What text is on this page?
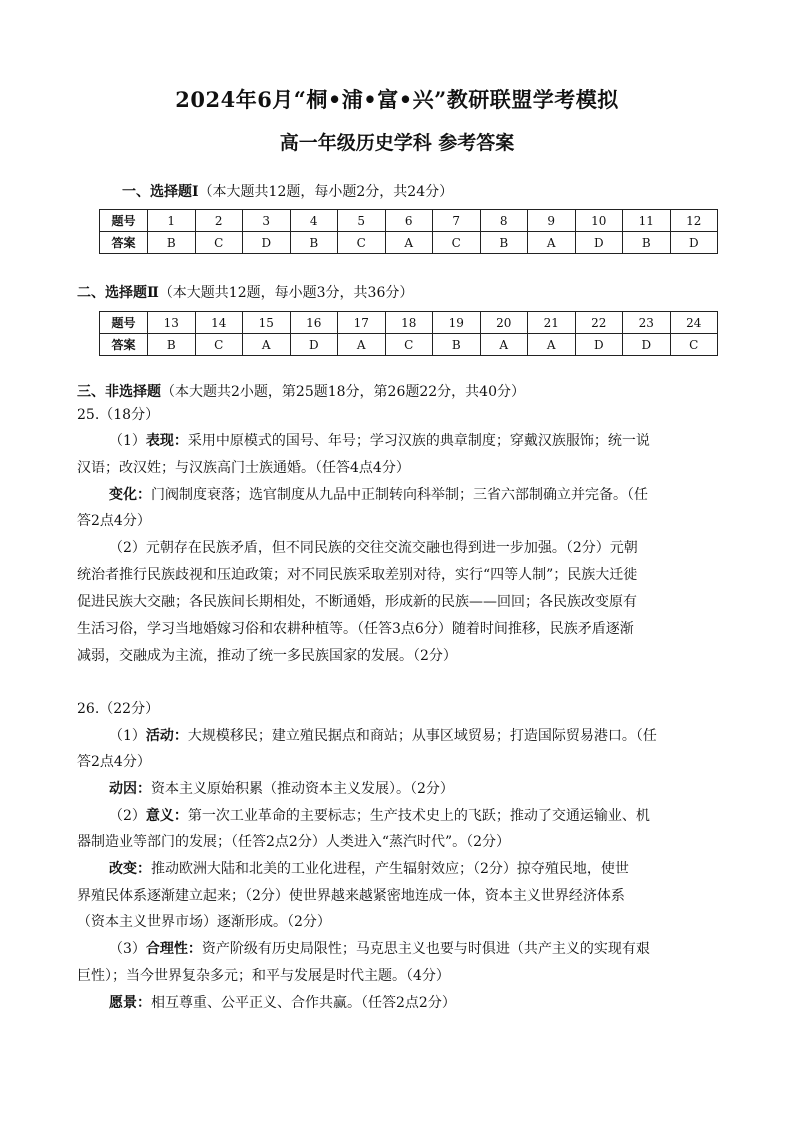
2024年6月“桐•浦•富•兴”教研联盟学考模拟
高一年级历史学科 参考答案
一、选择题Ⅰ（本大题共12题，每小题2分，共24分）
题号	1	2	3	4	5	6	7	8	9	10	11	12
答案	B	C	D	B	C	A	C	B	A	D	B	D
二、选择题Ⅱ（本大题共12题，每小题3分，共36分）
题号	13	14	15	16	17	18	19	20	21	22	23	24
答案	B	C	A	D	A	C	B	A	A	D	D	C
三、非选择题（本大题共2小题，第25题18分，第26题22分，共40分）
25.（18分）
（1）表现：采用中原模式的国号、年号；学习汉族的典章制度；穿戴汉族服饰；统一说
汉语；改汉姓；与汉族高门士族通婚。（任答4点4分）
变化：门阀制度衰落；选官制度从九品中正制转向科举制；三省六部制确立并完备。（任
答2点4分）
（2）元朝存在民族矛盾，但不同民族的交往交流交融也得到进一步加强。（2分）元朝
统治者推行民族歧视和压迫政策；对不同民族采取差别对待，实行“四等人制”；民族大迁徙
促进民族大交融；各民族间长期相处，不断通婚，形成新的民族——回回；各民族改变原有
生活习俗，学习当地婚嫁习俗和农耕种植等。（任答3点6分）随着时间推移，民族矛盾逐渐
减弱，交融成为主流，推动了统一多民族国家的发展。（2分）
26.（22分）
（1）活动：大规模移民；建立殖民据点和商站；从事区域贸易；打造国际贸易港口。（任
答2点4分）
动因：资本主义原始积累（推动资本主义发展）。（2分）
（2）意义：第一次工业革命的主要标志；生产技术史上的飞跃；推动了交通运输业、机
器制造业等部门的发展；（任答2点2分）人类进入“蒸汽时代”。（2分）
改变：推动欧洲大陆和北美的工业化进程，产生辐射效应；（2分）掠夺殖民地，使世
界殖民体系逐渐建立起来；（2分）使世界越来越紧密地连成一体，资本主义世界经济体系
（资本主义世界市场）逐渐形成。（2分）
（3）合理性：资产阶级有历史局限性；马克思主义也要与时俱进（共产主义的实现有艰
巨性）；当今世界复杂多元；和平与发展是时代主题。（4分）
愿景：相互尊重、公平正义、合作共赢。（任答2点2分）
